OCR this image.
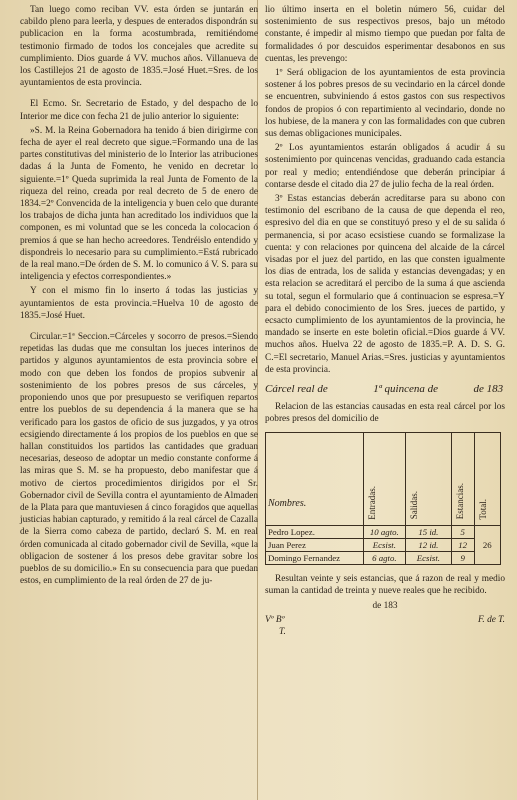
Tan luego como reciban VV. esta órden se juntarán en cabildo pleno para leerla, y despues de enterados dispondrán su publicacion en la forma acostumbrada, remitiéndome testimonio firmado de todos los concejales que acredite su cumplimiento. Dios guarde á VV. muchos años. Villanueva de los Castillejos 21 de agosto de 1835.=José Huet.=Sres. de los ayuntamientos de esta provincia.

El Ecmo. Sr. Secretario de Estado, y del despacho de lo Interior me dice con fecha 21 de julio anterior lo siguiente:

»S. M. la Reina Gobernadora ha tenido á bien dirigirme con fecha de ayer el real decreto que sigue.=Formando una de las partes constitutivas del ministerio de lo Interior las atribuciones dadas á la Junta de Fomento, he venido en decretar lo siguiente.=1º Queda suprimida la real Junta de Fomento de la riqueza del reino, creada por real decreto de 5 de enero de 1834.=2º Convencida de la inteligencia y buen celo que durante los trabajos de dicha junta han acreditado los individuos que la componen, es mi voluntad que se les conceda la colocacion ó premios á que se han hecho acreedores. Tendréislo entendido y dispondreis lo necesario para su cumplimiento.=Está rubricado de la real mano.=De órden de S. M. lo comunico á V. S. para su inteligencia y efectos correspondientes.»

Y con el mismo fin lo inserto á todas las justicias y ayuntamientos de esta provincia.=Huelva 10 de agosto de 1835.=José Huet.

Circular.=1ª Seccion.=Cárceles y socorro de presos.=Siendo repetidas las dudas que me consultan los jueces interinos de partidos y algunos ayuntamientos de esta provincia sobre el modo con que deben los fondos de propios subvenir al sostenimiento de los pobres presos de sus cárceles, y proponiendo unos que por presupuesto se verifiquen repartos entre los pueblos de su dependencia á la manera que se ha verificado para los gastos de oficio de sus juzgados, y ya otros ecsigiendo directamente á los propios de los pueblos en que se hallan constituidos los partidos las cantidades que graduan necesarias, deseoso de adoptar un medio constante conforme á las miras que S. M. se ha propuesto, debo manifestar que á motivo de ciertos procedimientos dirigidos por el Sr. Gobernador civil de Sevilla contra el ayuntamiento de Almaden de la Plata para que mantuviesen á cinco foragidos que aquellas justicias habian capturado, y remitido á la real cárcel de Cazalla de la Sierra como cabeza de partido, declaró S. M. en real órden comunicada al citado gobernador civil de Sevilla, «que la obligacion de sostener á los presos debe gravitar sobre los pueblos de su domicilio.» En su consecuencia para que puedan estos, en cumplimiento de la real órden de 27 de ju-

lio último inserta en el boletin número 56, cuidar del sostenimiento de sus respectivos presos, bajo un método constante, é impedir al mismo tiempo que puedan por falta de formalidades ó por descuidos esperimentar desabonos en sus cuentas, les prevengo:

1º Será obligacion de los ayuntamientos de esta provincia sostener á los pobres presos de su vecindario en la cárcel donde se encuentren, subviniendo á estos gastos con sus respectivos fondos de propios ó con repartimiento al vecindario, donde no los hubiese, de la manera y con las formalidades con que cubren sus demas obligaciones municipales.

2º Los ayuntamientos estarán obligados á acudir á su sostenimiento por quincenas vencidas, graduando cada estancia por real y medio; entendiéndose que deberán principiar á contarse desde el citado dia 27 de julio fecha de la real órden.

3º Estas estancias deberán acreditarse para su abono con testimonio del escribano de la causa de que dependa el reo, espresivo del dia en que se constituyó preso y el de su salida ó permanencia, si por acaso ecsistiese cuando se formalizase la cuenta: y con relaciones por quincena del alcaide de la cárcel visadas por el juez del partido, en las que consten igualmente los dias de entrada, los de salida y estancias devengadas; y en esta relacion se acreditará el percibo de la suma á que ascienda su total, segun el formulario que á continuacion se espresa.=Y para el debido conocimiento de los Sres. jueces de partido, y ecsacto cumplimiento de los ayuntamientos de la provincia, he mandado se inserte en este boletin oficial.=Dios guarde á VV. muchos años. Huelva 22 de agosto de 1835.=P. A. D. S. G. C.=El secretario, Manuel Arias.=Sres. justicias y ayuntamientos de esta provincia.

Cárcel real de	1ª quincena de	de 183

Relacion de las estancias causadas en esta real cárcel por los pobres presos del domicilio de

Nombres.	Entradas.	Salidas.	Estancias.	Total.
Pedro Lopez.	10 agto.	15 id.	5	26
Juan Perez	Ecsist.	12 id.	12	
Domingo Fernandez	6 agto.	Ecsist.	9	

Resultan veinte y seis estancias, que á razon de real y medio suman la cantidad de treinta y nueve reales que he recibido.

de 183
Vº Bº	F. de T.
T.
